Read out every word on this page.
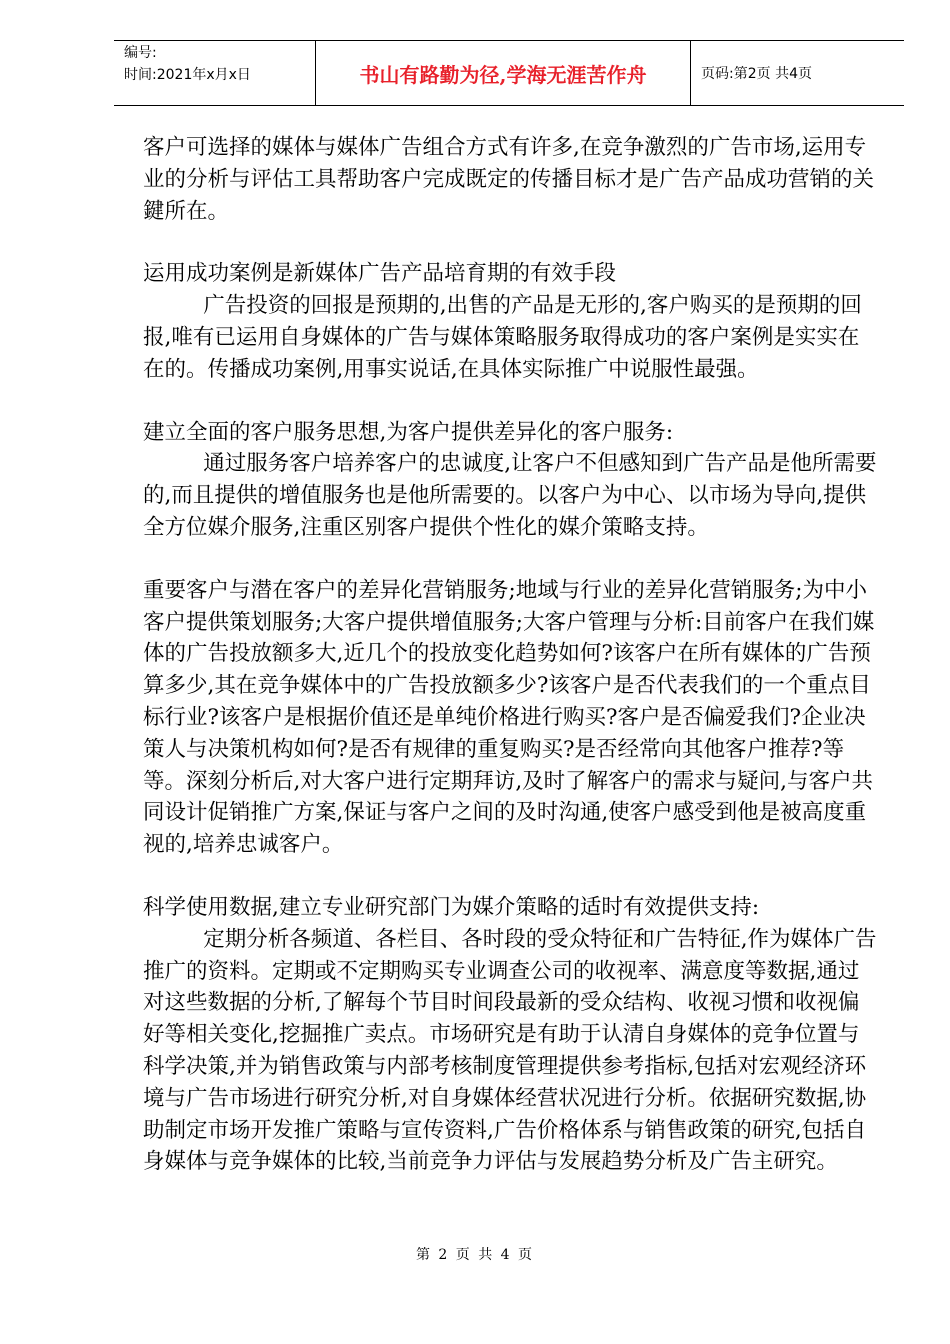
编号:
时间:2021年x月x日	书山有路勤为径,学海无涯苦作舟	页码:第2页 共4页

客户可选择的媒体与媒体广告组合方式有许多,在竞争激烈的广告市场,运用专业的分析与评估工具帮助客户完成既定的传播目标才是广告产品成功营销的关鍵所在。

运用成功案例是新媒体广告产品培育期的有效手段

广告投资的回报是预期的,出售的产品是无形的,客户购买的是预期的回报,唯有已运用自身媒体的广告与媒体策略服务取得成功的客户案例是实实在在的。传播成功案例,用事实说话,在具体实际推广中说服性最强。

建立全面的客户服务思想,为客户提供差异化的客户服务:

通过服务客户培养客户的忠诚度,让客户不但感知到广告产品是他所需要的,而且提供的增值服务也是他所需要的。以客户为中心、以市场为导向,提供全方位媒介服务,注重区别客户提供个性化的媒介策略支持。

重要客户与潜在客户的差异化营销服务;地域与行业的差异化营销服务;为中小客户提供策划服务;大客户提供增值服务;大客户管理与分析:目前客户在我们媒体的广告投放额多大,近几个的投放变化趋势如何?该客户在所有媒体的广告预算多少,其在竞争媒体中的广告投放额多少?该客户是否代表我们的一个重点目标行业?该客户是根据价值还是单纯价格进行购买?客户是否偏爱我们?企业决策人与决策机构如何?是否有规律的重复购买?是否经常向其他客户推荐?等等。深刻分析后,对大客户进行定期拜访,及时了解客户的需求与疑问,与客户共同设计促销推广方案,保证与客户之间的及时沟通,使客户感受到他是被高度重视的,培养忠诚客户。

科学使用数据,建立专业研究部门为媒介策略的适时有效提供支持:

定期分析各频道、各栏目、各时段的受众特征和广告特征,作为媒体广告推广的资料。定期或不定期购买专业调查公司的收视率、满意度等数据,通过对这些数据的分析,了解每个节目时间段最新的受众结构、收视习惯和收视偏好等相关变化,挖掘推广卖点。市场研究是有助于认清自身媒体的竞争位置与科学决策,并为销售政策与内部考核制度管理提供参考指标,包括对宏观经济环境与广告市场进行研究分析,对自身媒体经营状况进行分析。依据研究数据,协助制定市场开发推广策略与宣传资料,广告价格体系与销售政策的研究,包括自身媒体与竞争媒体的比较,当前竞争力评估与发展趋势分析及广告主研究。

第 2 页 共 4 页
